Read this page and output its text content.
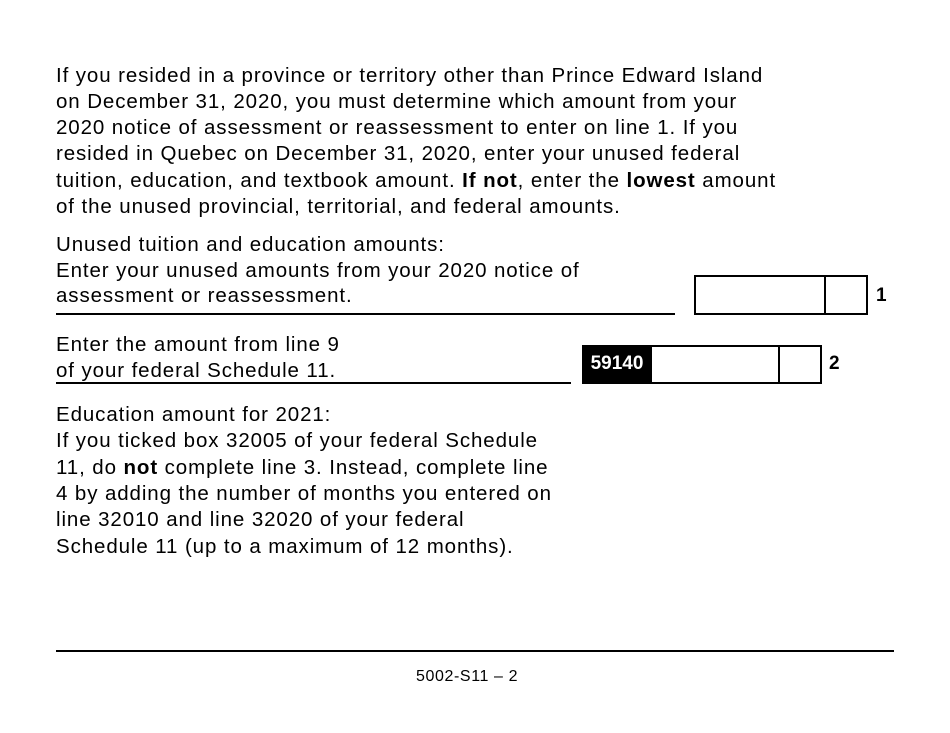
If you resided in a province or territory other than Prince Edward Island
on December 31, 2020, you must determine which amount from your
2020 notice of assessment or reassessment to enter on line 1. If you
resided in Quebec on December 31, 2020, enter your unused federal
tuition, education, and textbook amount. If not, enter the lowest amount
of the unused provincial, territorial, and federal amounts.
Unused tuition and education amounts:
Enter your unused amounts from your 2020 notice of
assessment or reassessment.	1
Enter the amount from line 9
of your federal Schedule 11.	59140	2
Education amount for 2021:
If you ticked box 32005 of your federal Schedule
11, do not complete line 3. Instead, complete line
4 by adding the number of months you entered on
line 32010 and line 32020 of your federal
Schedule 11 (up to a maximum of 12 months).
5002-S11 – 2
